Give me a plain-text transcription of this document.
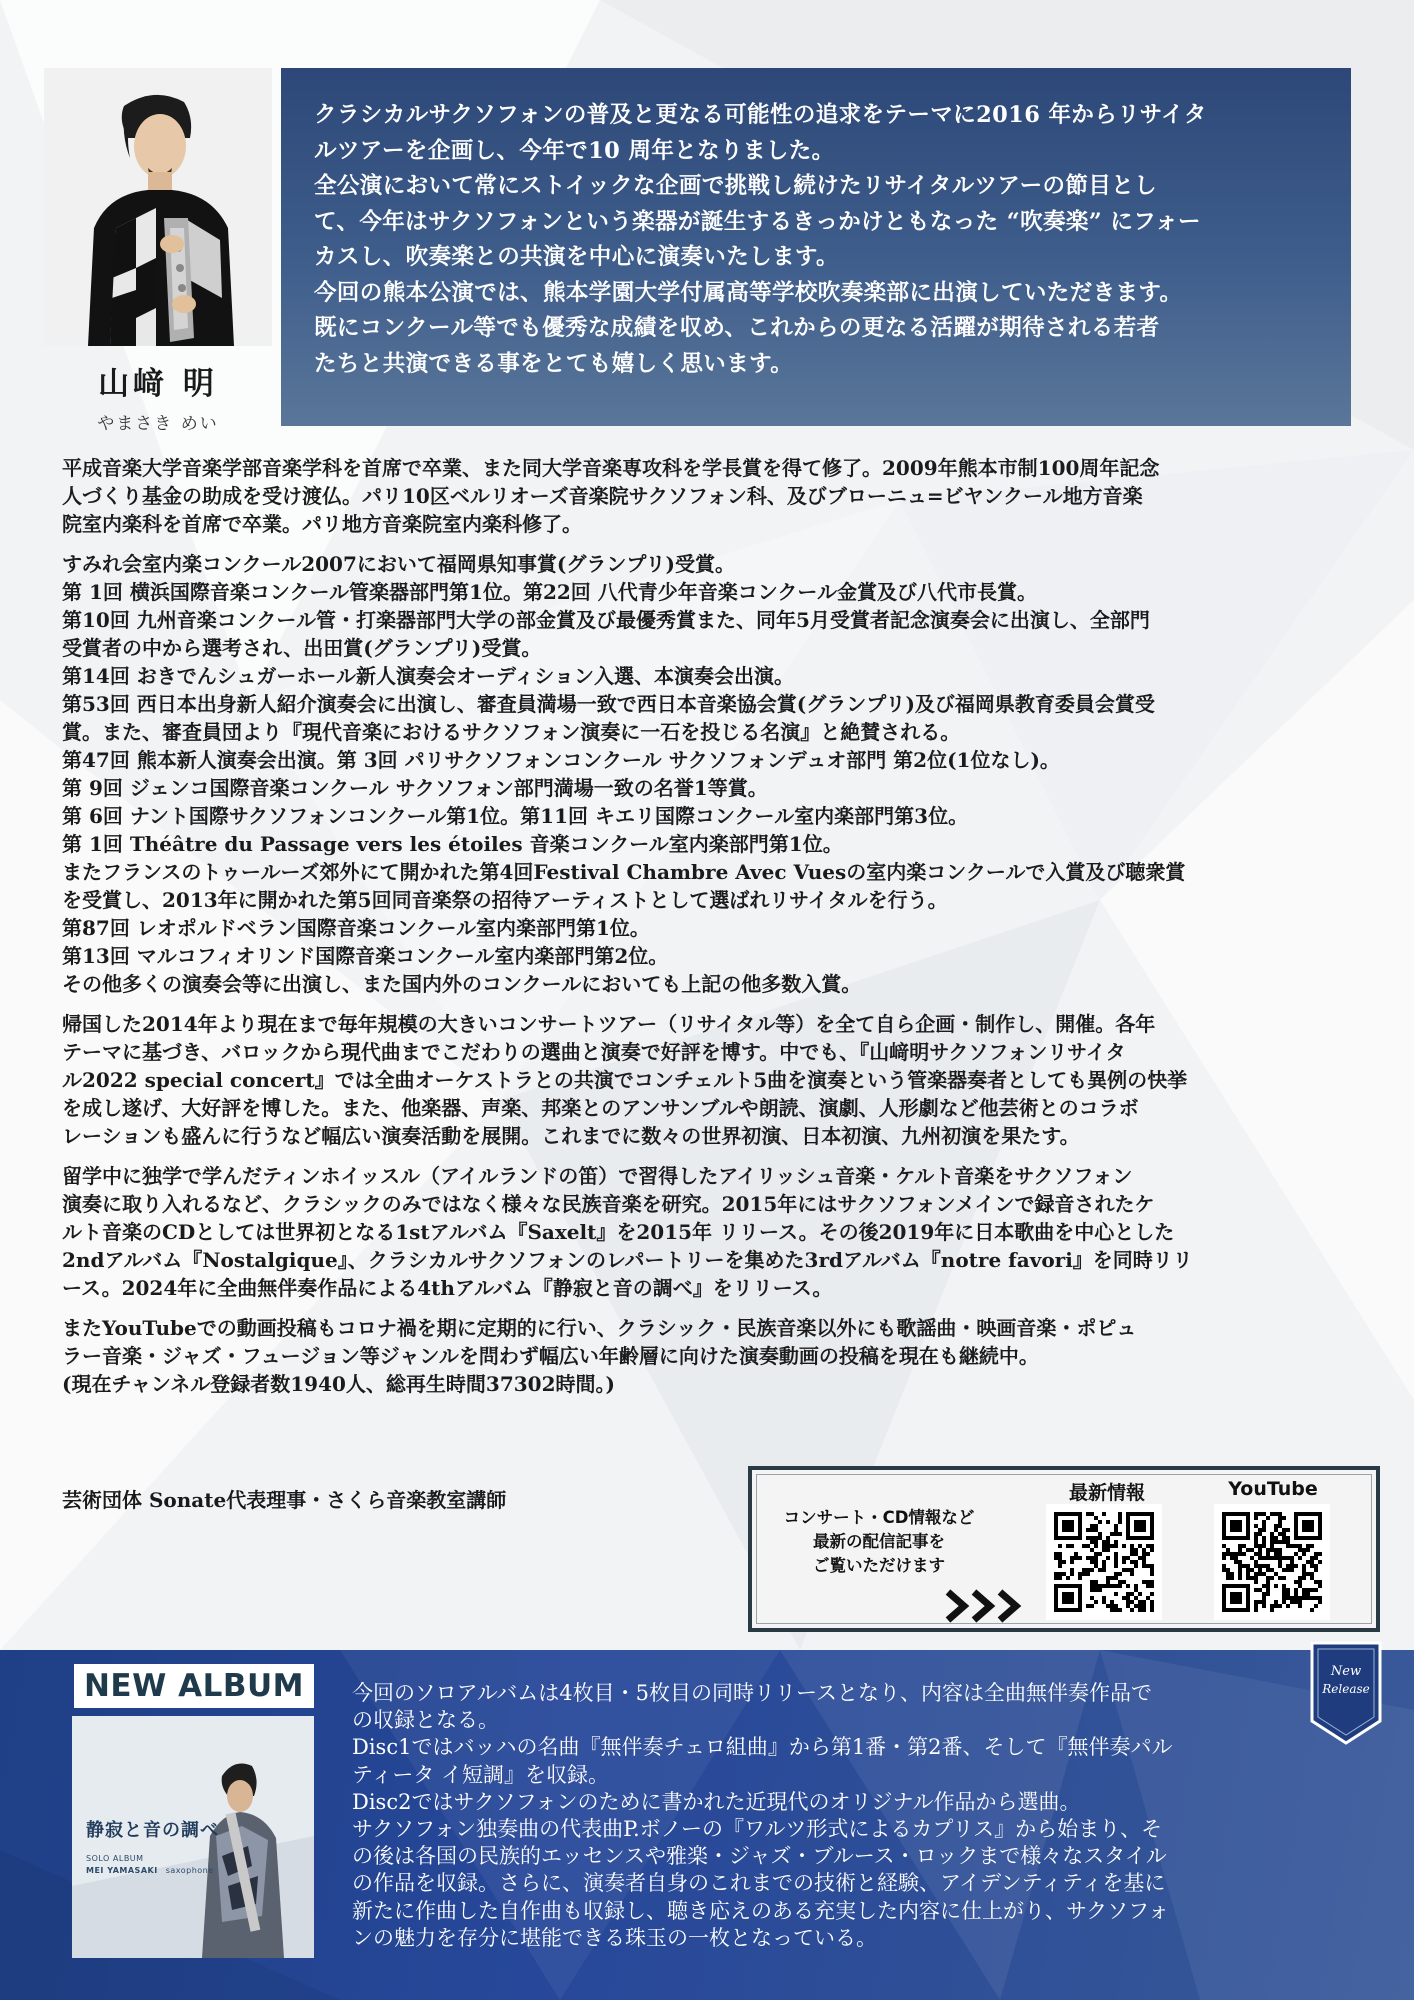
山﨑 明
やまさき めい

クラシカルサクソフォンの普及と更なる可能性の追求をテーマに2016 年からリサイタ

ルツアーを企画し、今年で10 周年となりました。

全公演において常にストイックな企画で挑戦し続けたリサイタルツアーの節目とし

て、今年はサクソフォンという楽器が誕生するきっかけともなった “吹奏楽” にフォー

カスし、吹奏楽との共演を中心に演奏いたします。

今回の熊本公演では、熊本学園大学付属高等学校吹奏楽部に出演していただきます。

既にコンクール等でも優秀な成績を収め、これからの更なる活躍が期待される若者

たちと共演できる事をとても嬉しく思います。

平成音楽大学音楽学部音楽学科を首席で卒業、また同大学音楽専攻科を学長賞を得て修了。2009年熊本市制100周年記念
人づくり基金の助成を受け渡仏。パリ10区ベルリオーズ音楽院サクソフォン科、及びブローニュ=ビヤンクール地方音楽
院室内楽科を首席で卒業。パリ地方音楽院室内楽科修了。

すみれ会室内楽コンクール2007において福岡県知事賞(グランプリ)受賞。

第 1回 横浜国際音楽コンクール管楽器部門第1位。第22回 八代青少年音楽コンクール金賞及び八代市長賞。

第10回 九州音楽コンクール管・打楽器部門大学の部金賞及び最優秀賞また、同年5月受賞者記念演奏会に出演し、全部門

受賞者の中から選考され、出田賞(グランプリ)受賞。

第14回 おきでんシュガーホール新人演奏会オーディション入選、本演奏会出演。

第53回 西日本出身新人紹介演奏会に出演し、審査員満場一致で西日本音楽協会賞(グランプリ)及び福岡県教育委員会賞受

賞。また、審査員団より『現代音楽におけるサクソフォン演奏に一石を投じる名演』と絶賛される。

第47回 熊本新人演奏会出演。第 3回 パリサクソフォンコンクール サクソフォンデュオ部門 第2位(1位なし)。

第 9回 ジェンコ国際音楽コンクール サクソフォン部門満場一致の名誉1等賞。

第 6回 ナント国際サクソフォンコンクール第1位。第11回 キエリ国際コンクール室内楽部門第3位。

第 1回 Théâtre du Passage vers les étoiles 音楽コンクール室内楽部門第1位。

またフランスのトゥールーズ郊外にて開かれた第4回Festival Chambre Avec Vuesの室内楽コンクールで入賞及び聴衆賞

を受賞し、2013年に開かれた第5回同音楽祭の招待アーティストとして選ばれリサイタルを行う。

第87回 レオポルドベラン国際音楽コンクール室内楽部門第1位。

第13回 マルコフィオリンド国際音楽コンクール室内楽部門第2位。

その他多くの演奏会等に出演し、また国内外のコンクールにおいても上記の他多数入賞。

帰国した2014年より現在まで毎年規模の大きいコンサートツアー（リサイタル等）を全て自ら企画・制作し、開催。各年
テーマに基づき、バロックから現代曲までこだわりの選曲と演奏で好評を博す。中でも、『山﨑明サクソフォンリサイタ
ル2022 special concert』では全曲オーケストラとの共演でコンチェルト5曲を演奏という管楽器奏者としても異例の快挙
を成し遂げ、大好評を博した。また、他楽器、声楽、邦楽とのアンサンブルや朗読、演劇、人形劇など他芸術とのコラボ
レーションも盛んに行うなど幅広い演奏活動を展開。これまでに数々の世界初演、日本初演、九州初演を果たす。

留学中に独学で学んだティンホイッスル（アイルランドの笛）で習得したアイリッシュ音楽・ケルト音楽をサクソフォン
演奏に取り入れるなど、クラシックのみではなく様々な民族音楽を研究。2015年にはサクソフォンメインで録音されたケ
ルト音楽のCDとしては世界初となる1stアルバム『Saxelt』を2015年 リリース。その後2019年に日本歌曲を中心とした
2ndアルバム『Nostalgique』、クラシカルサクソフォンのレパートリーを集めた3rdアルバム『notre favori』を同時リリ
ース。2024年に全曲無伴奏作品による4thアルバム『静寂と音の調べ』をリリース。

またYouTubeでの動画投稿もコロナ禍を期に定期的に行い、クラシック・民族音楽以外にも歌謡曲・映画音楽・ポピュ
ラー音楽・ジャズ・フュージョン等ジャンルを問わず幅広い年齢層に向けた演奏動画の投稿を現在も継続中。
(現在チャンネル登録者数1940人、総再生時間37302時間。)

芸術団体 Sonate代表理事・さくら音楽教室講師
コンサート・CD情報など
最新の配信記事を
ご覧いただけます
最新情報	YouTube
NEW ALBUM
静寂と音の調べ
SOLO ALBUM
MEI YAMASAKI saxophone

今回のソロアルバムは4枚目・5枚目の同時リリースとなり、内容は全曲無伴奏作品で

の収録となる。

Disc1ではバッハの名曲『無伴奏チェロ組曲』から第1番・第2番、そして『無伴奏パル

ティータ イ短調』を収録。

Disc2ではサクソフォンのために書かれた近現代のオリジナル作品から選曲。

サクソフォン独奏曲の代表曲P.ボノーの『ワルツ形式によるカプリス』から始まり、そ

の後は各国の民族的エッセンスや雅楽・ジャズ・ブルース・ロックまで様々なスタイル

の作品を収録。さらに、演奏者自身のこれまでの技術と経験、アイデンティティを基に

新たに作曲した自作曲も収録し、聴き応えのある充実した内容に仕上がり、サクソフォ

ンの魅力を存分に堪能できる珠玉の一枚となっている。

New
Release
